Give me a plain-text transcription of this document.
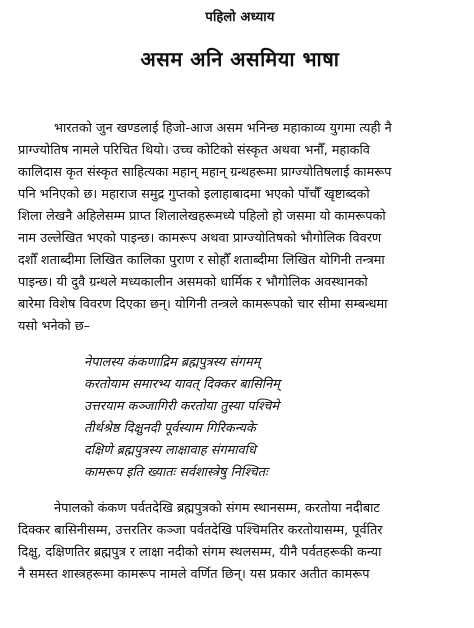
पहिलो अध्याय
असम अनि असमिया भाषा
भारतको जुन खण्डलाई हिजो-आज असम भनिन्छ महाकाव्य युगमा त्यही नै
प्राग्ज्योतिष नामले परिचित थियो। उच्च कोटिको संस्कृत अथवा भनौँ, महाकवि
कालिदास कृत संस्कृत साहित्यका महान् महान् ग्रन्थहरूमा प्राग्ज्योतिषलाई कामरूप
पनि भनिएको छ। महाराज समुद्र गुप्तको इलाहाबादमा भएको पाँचौँ खृष्टाब्दको
शिला लेखनै अहिलेसम्म प्राप्त शिलालेखहरूमध्ये पहिलो हो जसमा यो कामरूपको
नाम उल्लेखित भएको पाइन्छ। कामरूप अथवा प्राग्ज्योतिषको भौगोलिक विवरण
दशौँ शताब्दीमा लिखित कालिका पुराण र सोहौँ शताब्दीमा लिखित योगिनी तन्त्रमा
पाइन्छ। यी दुवै ग्रन्थले मध्यकालीन असमको धार्मिक र भौगोलिक अवस्थानको
बारेमा विशेष विवरण दिएका छन्। योगिनी तन्त्रले कामरूपको चार सीमा सम्बन्धमा
यसो भनेको छ–
नेपालस्य कंकणाद्रिम ब्रह्मपुत्रस्य संगमम्
करतोयाम समारभ्य यावत् दिक्कर बासिनिम्
उत्तरयाम कञ्जागिरी करतोया तुस्या पश्चिमे
तीर्थश्रेष्ठ दिक्षुनदी पूर्वस्याम गिरिकन्यके
दक्षिणे ब्रह्मपुत्रस्य लाक्षावाह संगमावधि
कामरूप इति ख्यातः सर्वशास्त्रेषु निश्चितः
नेपालको कंकण पर्वतदेखि ब्रह्मपुत्रको संगम स्थानसम्म, करतोया नदीबाट
दिक्कर बासिनीसम्म, उत्तरतिर कञ्जा पर्वतदेखि पश्चिमतिर करतोयासम्म, पूर्वतिर
दिक्षु, दक्षिणतिर ब्रह्मपुत्र र लाक्षा नदीको संगम स्थलसम्म, यीनै पर्वतहरूकी कन्या
नै समस्त शास्त्रहरूमा कामरूप नामले वर्णित छिन्। यस प्रकार अतीत कामरूप
